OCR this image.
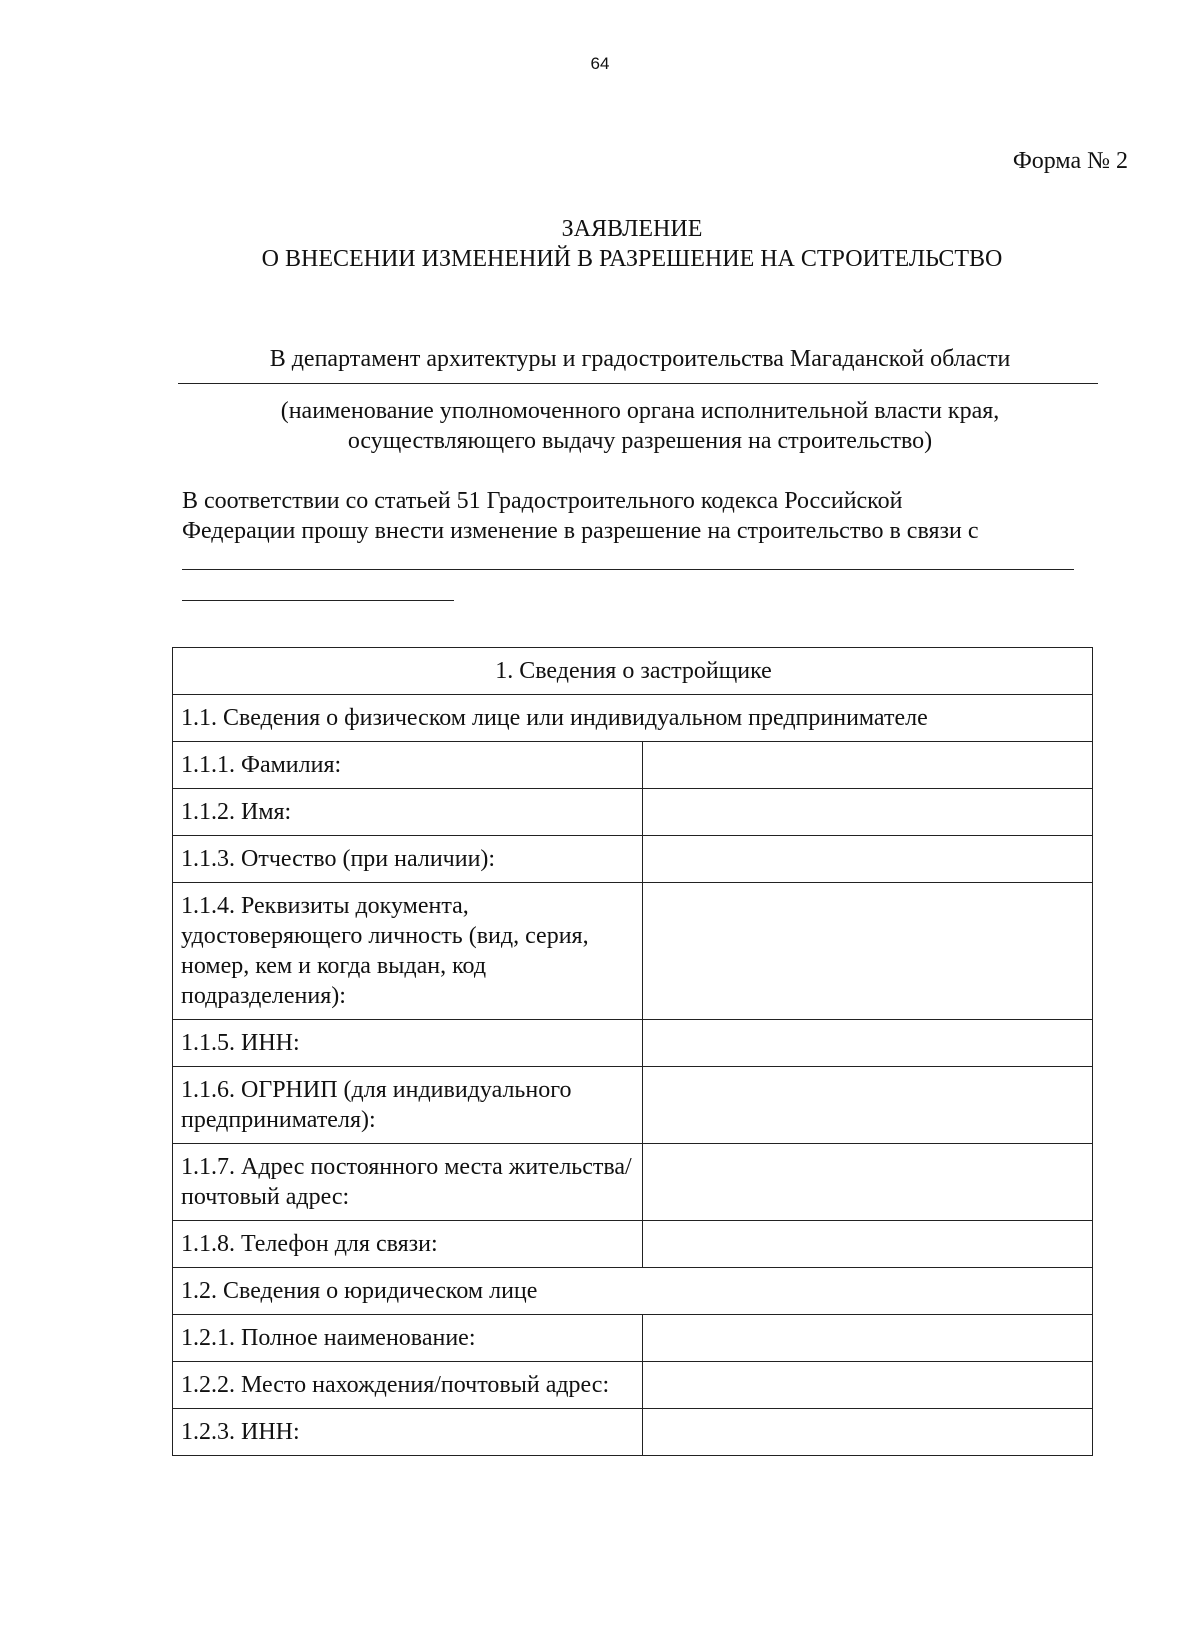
64
Форма № 2
ЗАЯВЛЕНИЕ
О ВНЕСЕНИИ ИЗМЕНЕНИЙ В РАЗРЕШЕНИЕ НА СТРОИТЕЛЬСТВО
В департамент архитектуры и градостроительства Магаданской области
(наименование уполномоченного органа исполнительной власти края,
осуществляющего выдачу разрешения на строительство)
В соответствии со статьей 51 Градостроительного кодекса Российской
Федерации прошу внести изменение в разрешение на строительство в связи с
1. Сведения о застройщике	
1.1. Сведения о физическом лице или индивидуальном предпринимателе	
1.1.1. Фамилия:	
1.1.2. Имя:	
1.1.3. Отчество (при наличии):	
1.1.4. Реквизиты документа, удостоверяющего личность (вид, серия, номер, кем и когда выдан, код подразделения):	
1.1.5. ИНН:	
1.1.6. ОГРНИП (для индивидуального предпринимателя):	
1.1.7. Адрес постоянного места жительства/почтовый адрес:	
1.1.8. Телефон для связи:	
1.2. Сведения о юридическом лице	
1.2.1. Полное наименование:	
1.2.2. Место нахождения/почтовый адрес:	
1.2.3. ИНН:	
